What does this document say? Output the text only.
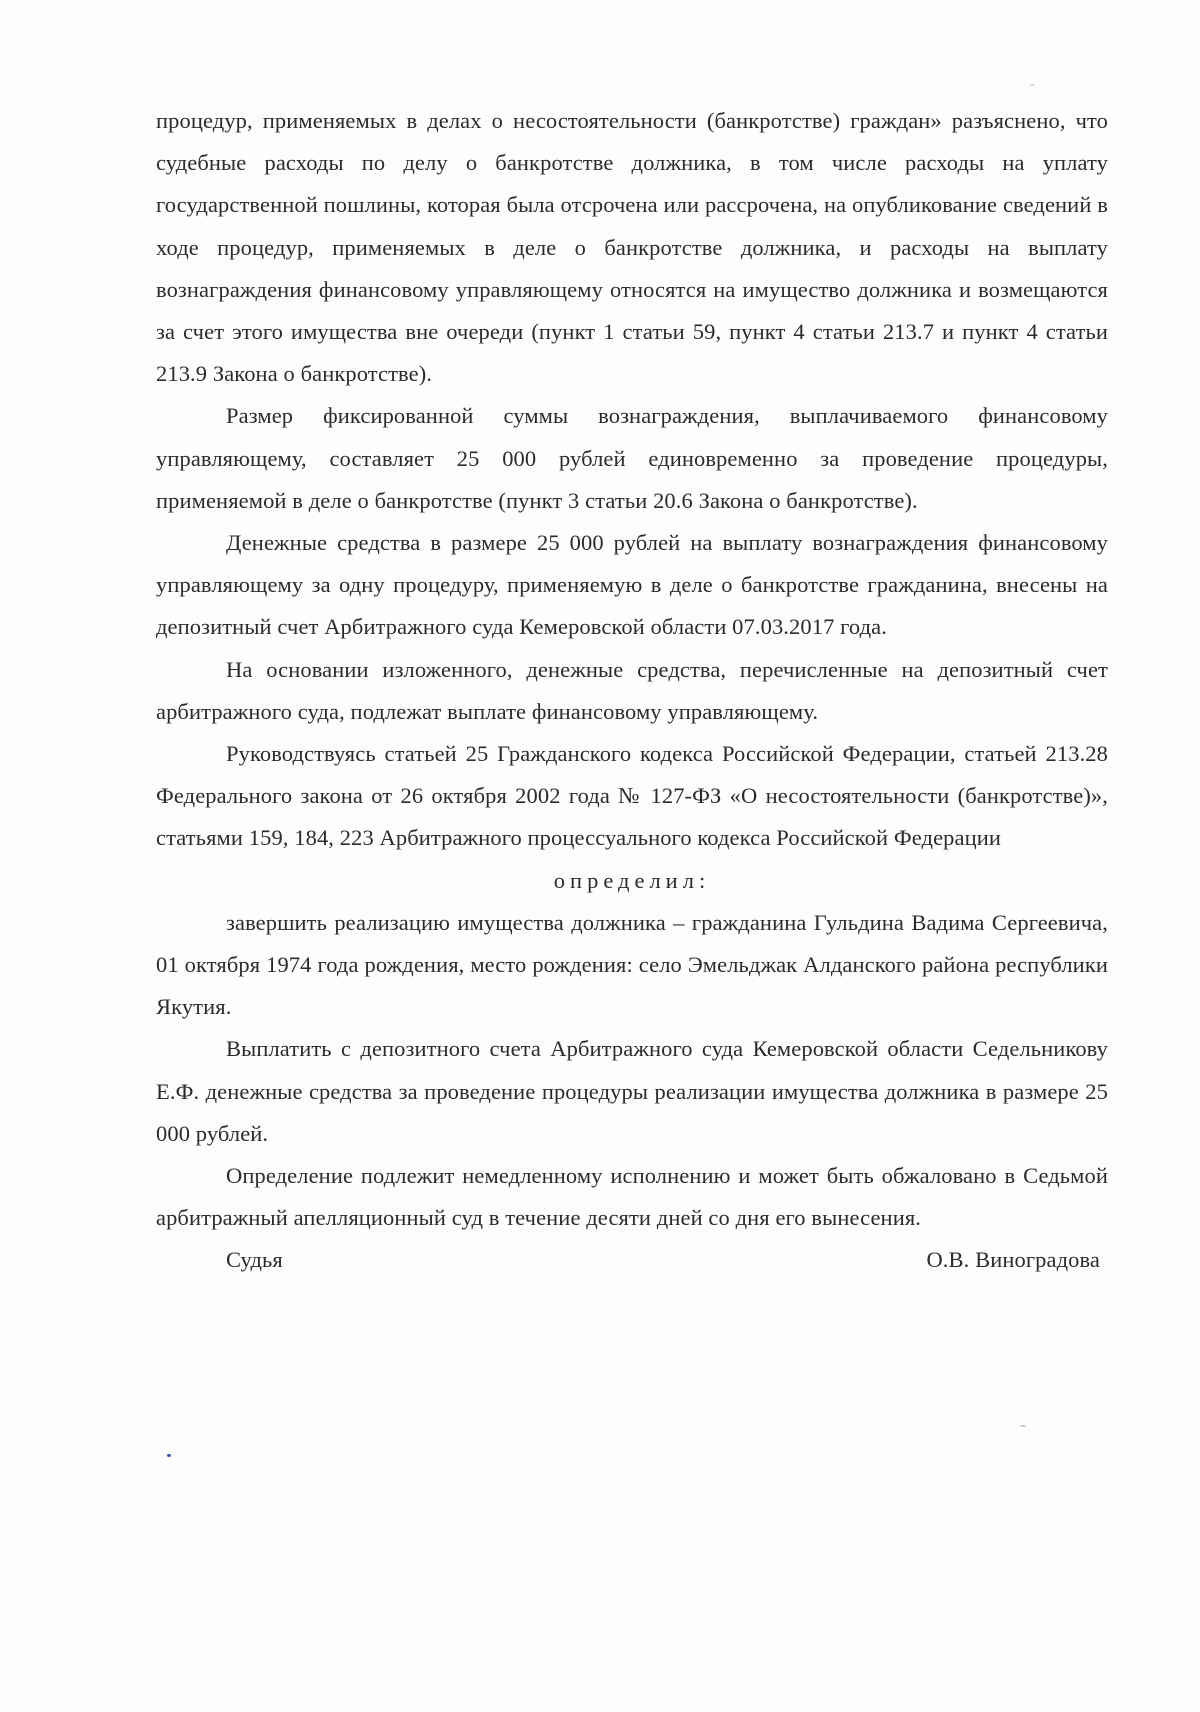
процедур, применяемых в делах о несостоятельности (банкротстве) граждан» разъяснено, что судебные расходы по делу о банкротстве должника, в том числе расходы на уплату государственной пошлины, которая была отсрочена или рассрочена, на опубликование сведений в ходе процедур, применяемых в деле о банкротстве должника, и расходы на выплату вознаграждения финансовому управляющему относятся на имущество должника и возмещаются за счет этого имущества вне очереди (пункт 1 статьи 59, пункт 4 статьи 213.7 и пункт 4 статьи 213.9 Закона о банкротстве).

Размер фиксированной суммы вознаграждения, выплачиваемого финансовому управляющему, составляет 25 000 рублей единовременно за проведение процедуры, применяемой в деле о банкротстве (пункт 3 статьи 20.6 Закона о банкротстве).

Денежные средства в размере 25 000 рублей на выплату вознаграждения финансовому управляющему за одну процедуру, применяемую в деле о банкротстве гражданина, внесены на депозитный счет Арбитражного суда Кемеровской области 07.03.2017 года.

На основании изложенного, денежные средства, перечисленные на депозитный счет арбитражного суда, подлежат выплате финансовому управляющему.

Руководствуясь статьей 25 Гражданского кодекса Российской Федерации, статьей 213.28 Федерального закона от 26 октября 2002 года № 127-ФЗ «О несостоятельности (банкротстве)», статьями 159, 184, 223 Арбитражного процессуального кодекса Российской Федерации

определил:

завершить реализацию имущества должника – гражданина Гульдина Вадима Сергеевича, 01 октября 1974 года рождения, место рождения: село Эмельджак Алданского района республики Якутия.

Выплатить с депозитного счета Арбитражного суда Кемеровской области Седельникову Е.Ф. денежные средства за проведение процедуры реализации имущества должника в размере 25 000 рублей.

Определение подлежит немедленному исполнению и может быть обжаловано в Седьмой арбитражный апелляционный суд в течение десяти дней со дня его вынесения.

Судья	О.В. Виноградова
